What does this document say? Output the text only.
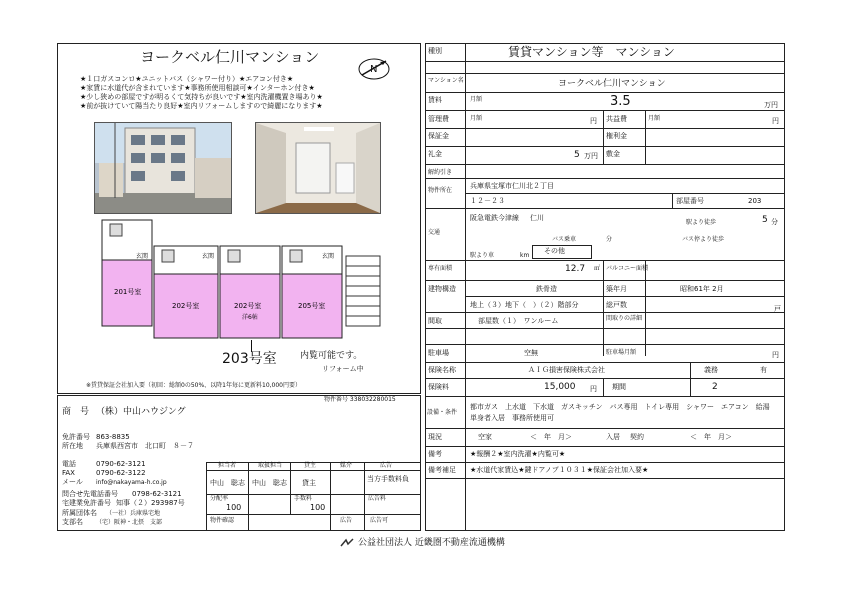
ヨークベル仁川マンション
N
★１口ガスコンロ★ユニットバス（シャワー付り）★エアコン付き★
★家賃に水道代が含まれています★事務所使用相談可★インターホン付き★
★少し狭めの部屋ですが明るくて気持ちが良いです★室内洗濯機置き場あり★
★前が抜けていて陽当たり良好★室内リフォームしますので綺麗になります★
201号室
202号室	202号室
洋6帖
205号室
玄関	玄関	玄関
203号室	内覧可能です。
リフォーム中
※賃貸保証会社加入要（初回：総額0の50%、以降1年毎に更新料10,000円要）
物件番号 338032280015
商　号 （株）中山ハウジング
免許番号 863-8835
所在地 兵庫県西宮市　北口町　８－７
電話	0790-62-3121
FAX	0790-62-3122
メール info@nakayama-h.co.jp
問合せ先電話番号 0798-62-3121
宅建業免許番号 知事（２）293987号
所属団体名 （一社）兵庫県宅地
支部名 （宅）阪神・北摂　支部
担当者	取扱担当	貸主	媒介	広告
中山　聡志 中山　聡志 貸主	当方手数料負
分配率
100
手数料
100
広告料
物件確認	広告	広告可
種別	賃貸マンション等　マンション
マンション名	ヨークベル仁川マンション
賃料	月額	3.5	万円
管理費	月額	円 共益費	月額	円
保証金	権利金
礼金	5 万円 敷金
解約引き
物件所在
兵庫県宝塚市仁川北２丁目
１２－２３	部屋番号	203
交通
阪急電鉄今津線 仁川
駅より徒歩	5 分
バス乗車	分	バス停より徒歩
駅より車	km
その他
専有面積	12.7 ㎡ バルコニー面積
建物構造	鉄骨造	築年月	昭和61年 2月
地上（３）地下（　）（２）階部分	総戸数	戸
間取	部屋数（１）　ワンルーム	間取りの詳細
駐車場	空無	駐車場月額	円
保険名称	ＡＩＧ損害保険株式会社	義務	有
保険料	15,000 円 期間	2
設備・条件
都市ガス　上水道　下水道　ガスキッチン　バス専用　トイレ専用　シャワー　エアコン　給湯　単身者入居　事務所使用可
現況	空家	＜　年　月＞	入居 契約	＜　年　月＞
備考	★報酬２★室内洗濯★内覧可★
備考補足 ★水道代家賃込★鍵ドアノブ１０３１★保証会社加入要★
公益社団法人 近畿圏不動産流通機構
